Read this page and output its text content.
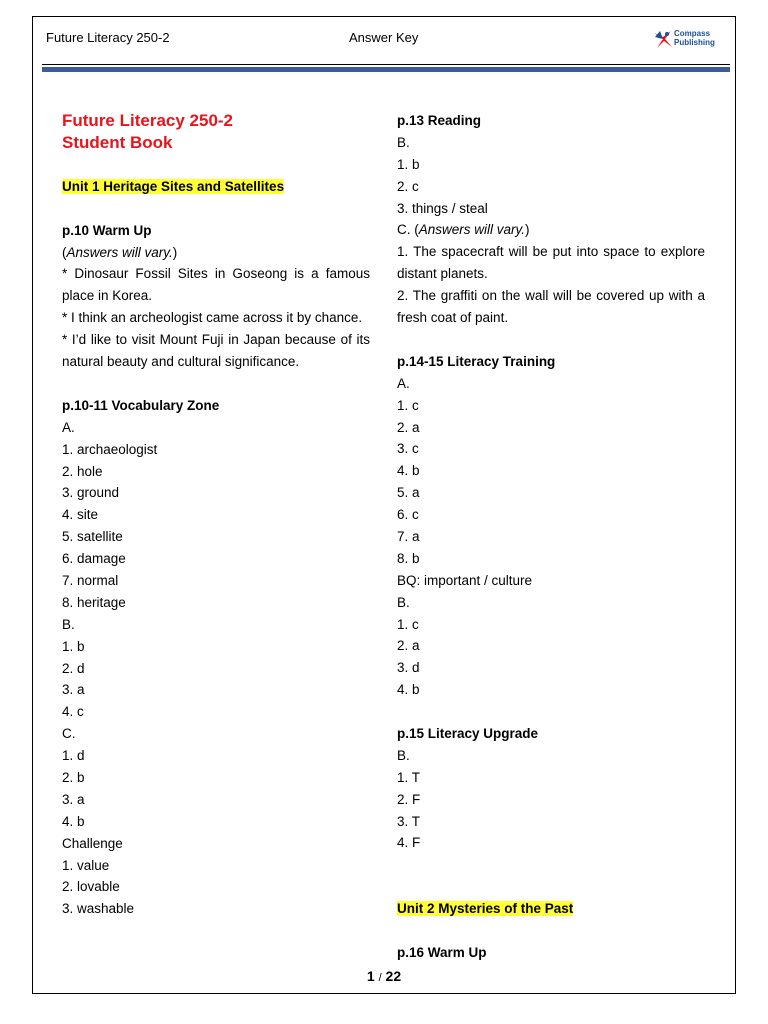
Future Literacy 250-2	Answer Key	Compass
Publishing
Future Literacy 250-2
Student Book
Unit 1 Heritage Sites and Satellites
p.10 Warm Up
(Answers will vary.)

* Dinosaur Fossil Sites in Goseong is a famous place in Korea.

* I think an archeologist came across it by chance.

* I’d like to visit Mount Fuji in Japan because of its natural beauty and cultural significance.

p.10-11 Vocabulary Zone
A.
1. archaeologist
2. hole
3. ground
4. site
5. satellite
6. damage
7. normal
8. heritage
B.
1. b
2. d
3. a
4. c
C.
1. d
2. b
3. a
4. b
Challenge
1. value
2. lovable
3. washable
p.13 Reading
B.
1. b
2. c
3. things / steal
C. (Answers will vary.)

1. The spacecraft will be put into space to explore distant planets.

2. The graffiti on the wall will be covered up with a fresh coat of paint.

p.14-15 Literacy Training
A.
1. c
2. a
3. c
4. b
5. a
6. c
7. a
8. b
BQ: important / culture
B.
1. c
2. a
3. d
4. b
p.15 Literacy Upgrade
B.
1. T
2. F
3. T
4. F
Unit 2 Mysteries of the Past
p.16 Warm Up
1 / 22
